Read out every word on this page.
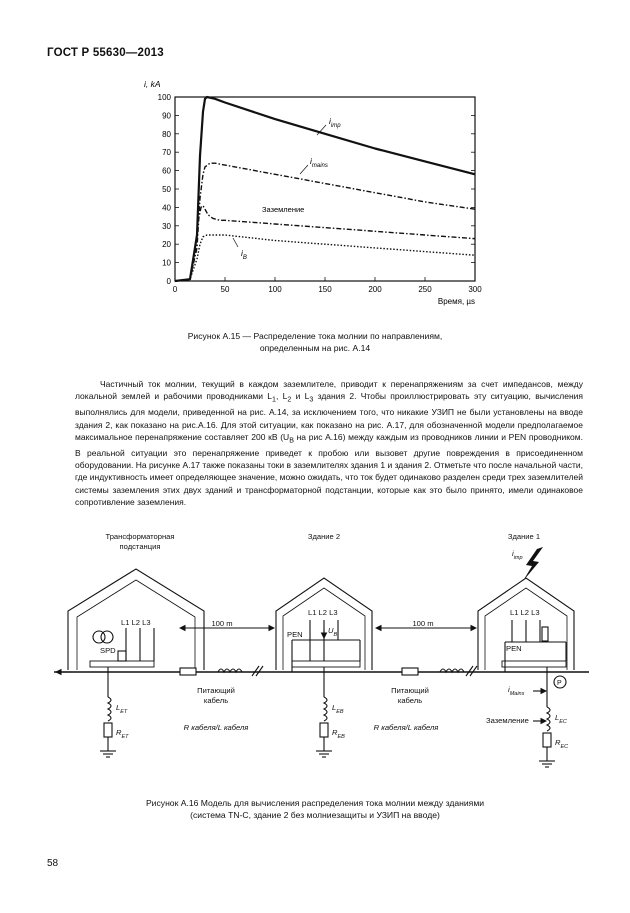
ГОСТ Р 55630—2013
0
10
20
30
40
50
60
70
80
90
100
0	50	100	150	200	250	300
i, kA
Время, µs
$i_{imp}$
$i_{mains}$
Заземление
$i_B$
Рисунок А.15 — Распределение тока молнии по направлениям,
определенным на рис. А.14
Частичный ток молнии, текущий в каждом заземлителе, приводит к перенапряжениям за счет импедансов, между локальной землей и рабочими проводниками $L_1$, $L_2$ и $L_3$ здания 2. Чтобы проиллюстрировать эту ситуацию, вычисления выполнялись для модели, приведенной на рис. А.14, за исключением того, что никакие УЗИП не были установлены на вводе здания 2, как показано на рис.А.16. Для этой ситуации, как показано на рис. А.17, для обозначенной модели предполагаемое максимальное перенапряжение составляет 200 кВ ($U_B$ на рис А.16) между каждым из проводников линии и PEN проводником. В реальной ситуации это перенапряжение приведет к пробою или вызовет другие повреждения в присоединенном оборудовании. На рисунке А.17 также показаны токи в заземлителях здания 1 и здания 2. Отметьте что после начальной части, где индуктивность имеет определяющее значение, можно ожидать, что ток будет одинаково разделен среди трех заземлителей системы заземления этих двух зданий и трансформаторной подстанции, которые как это было принято, имели одинаковое сопротивление заземления.
Трансформаторная
подстанция
Здание 2	Здание 1
$i_{imp}$
L1 L2 L3
L1 L2 L3	L1 L2 L3
SPD
PEN
PEN
$U_B$
100 m	100 m
Питающий
кабель
R кабеля/L кабеля
Питающий
кабель
R кабеля/L кабеля
$L_{ET}$
$R_{ET}$
$L_{EB}$
$R_{EB}$
$L_{EC}$
$R_{EC}$
$i_{Mains}$
Заземление
P
Рисунок А.16 Модель для вычисления распределения тока молнии между зданиями
(система TN-C, здание 2 без молниезащиты и УЗИП на вводе)
58
